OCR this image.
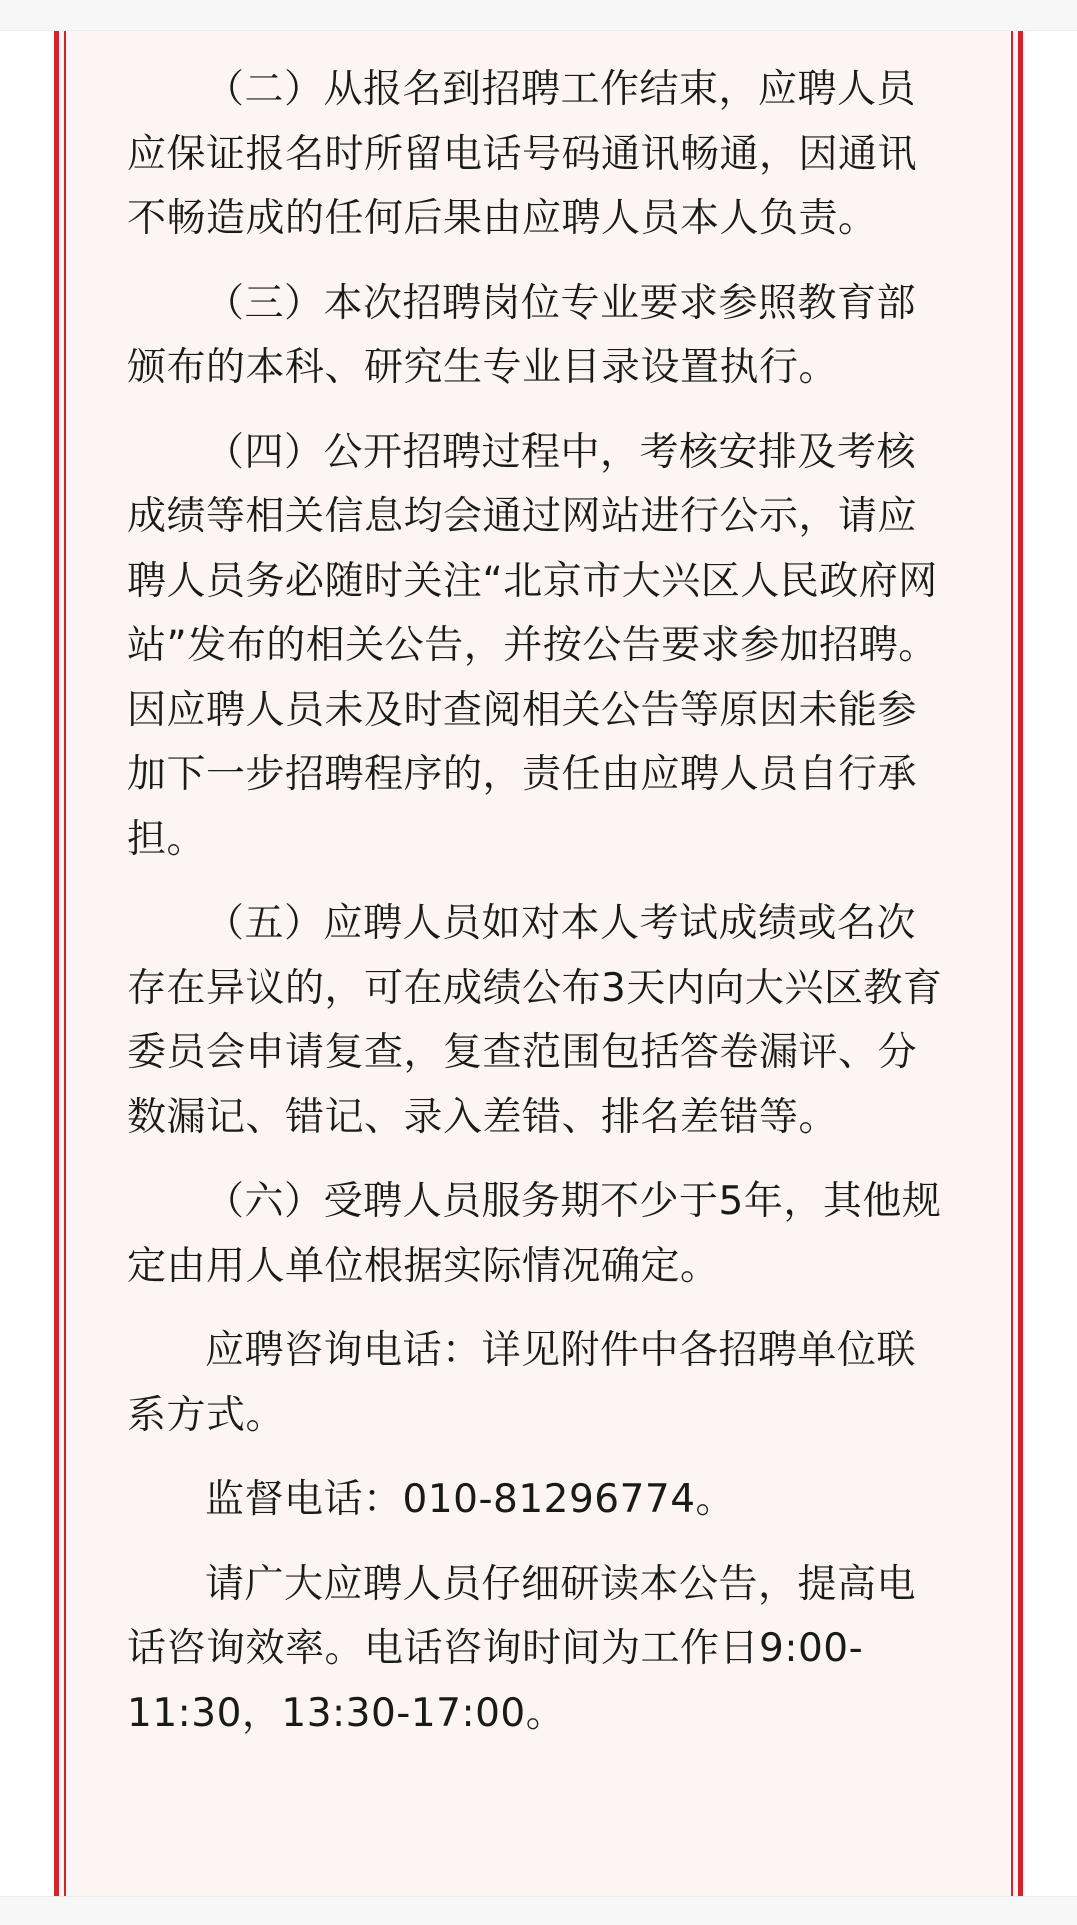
（二）从报名到招聘工作结束，应聘人员应保证报名时所留电话号码通讯畅通，因通讯不畅造成的任何后果由应聘人员本人负责。

（三）本次招聘岗位专业要求参照教育部颁布的本科、研究生专业目录设置执行。

（四）公开招聘过程中，考核安排及考核成绩等相关信息均会通过网站进行公示，请应聘人员务必随时关注“北京市大兴区人民政府网站”发布的相关公告，并按公告要求参加招聘。因应聘人员未及时查阅相关公告等原因未能参加下一步招聘程序的，责任由应聘人员自行承担。

（五）应聘人员如对本人考试成绩或名次存在异议的，可在成绩公布3天内向大兴区教育委员会申请复查，复查范围包括答卷漏评、分数漏记、错记、录入差错、排名差错等。

（六）受聘人员服务期不少于5年，其他规定由用人单位根据实际情况确定。

应聘咨询电话：详见附件中各招聘单位联系方式。

监督电话：010-81296774。

请广大应聘人员仔细研读本公告，提高电话咨询效率。电话咨询时间为工作日9:00-11:30，13:30-17:00。
